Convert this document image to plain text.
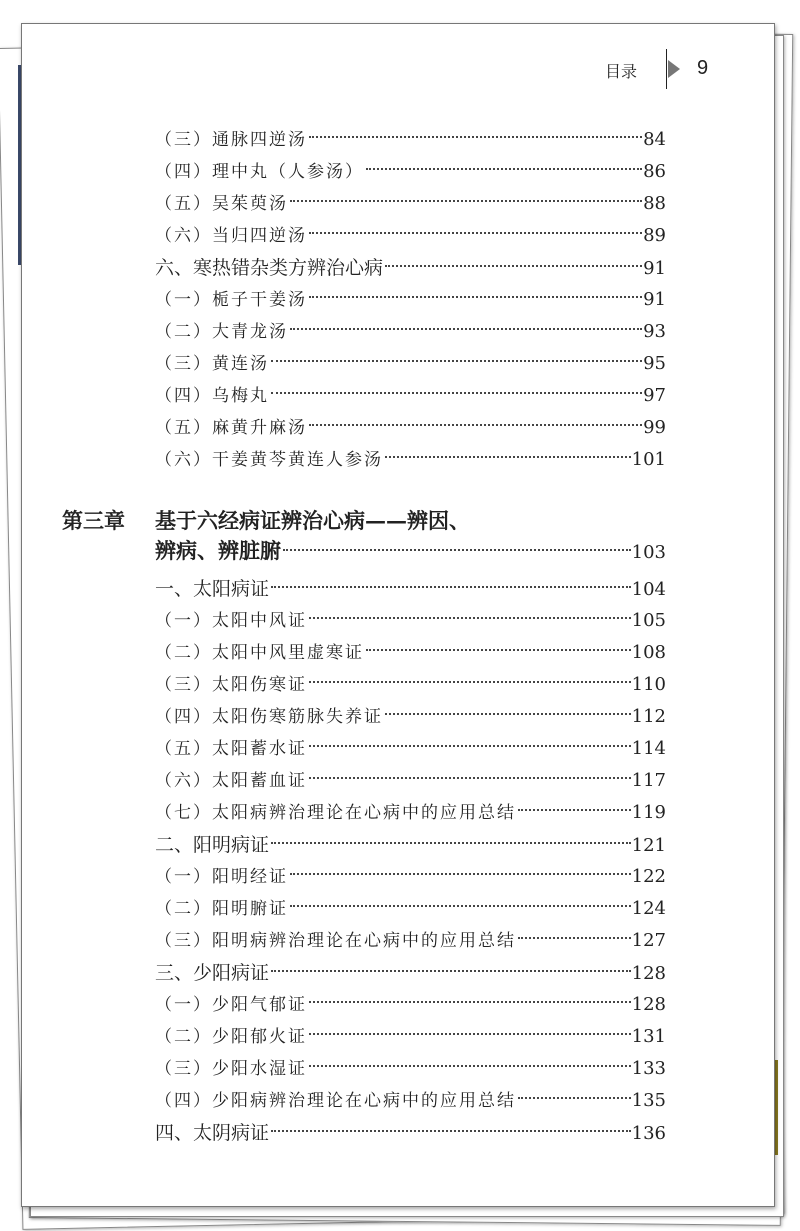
目录	9
（三）通脉四逆汤	84
（四）理中丸（人参汤）	86
（五）吴茱萸汤	88
（六）当归四逆汤	89
六、寒热错杂类方辨治心病	91
（一）栀子干姜汤	91
（二）大青龙汤	93
（三）黄连汤	95
（四）乌梅丸	97
（五）麻黄升麻汤	99
（六）干姜黄芩黄连人参汤	101
第三章 基于六经病证辨治心病——辨因、
辨病、辨脏腑	103
一、太阳病证	104
（一）太阳中风证	105
（二）太阳中风里虚寒证	108
（三）太阳伤寒证	110
（四）太阳伤寒筋脉失养证	112
（五）太阳蓄水证	114
（六）太阳蓄血证	117
（七）太阳病辨治理论在心病中的应用总结	119
二、阳明病证	121
（一）阳明经证	122
（二）阳明腑证	124
（三）阳明病辨治理论在心病中的应用总结	127
三、少阳病证	128
（一）少阳气郁证	128
（二）少阳郁火证	131
（三）少阳水湿证	133
（四）少阳病辨治理论在心病中的应用总结	135
四、太阴病证	136
